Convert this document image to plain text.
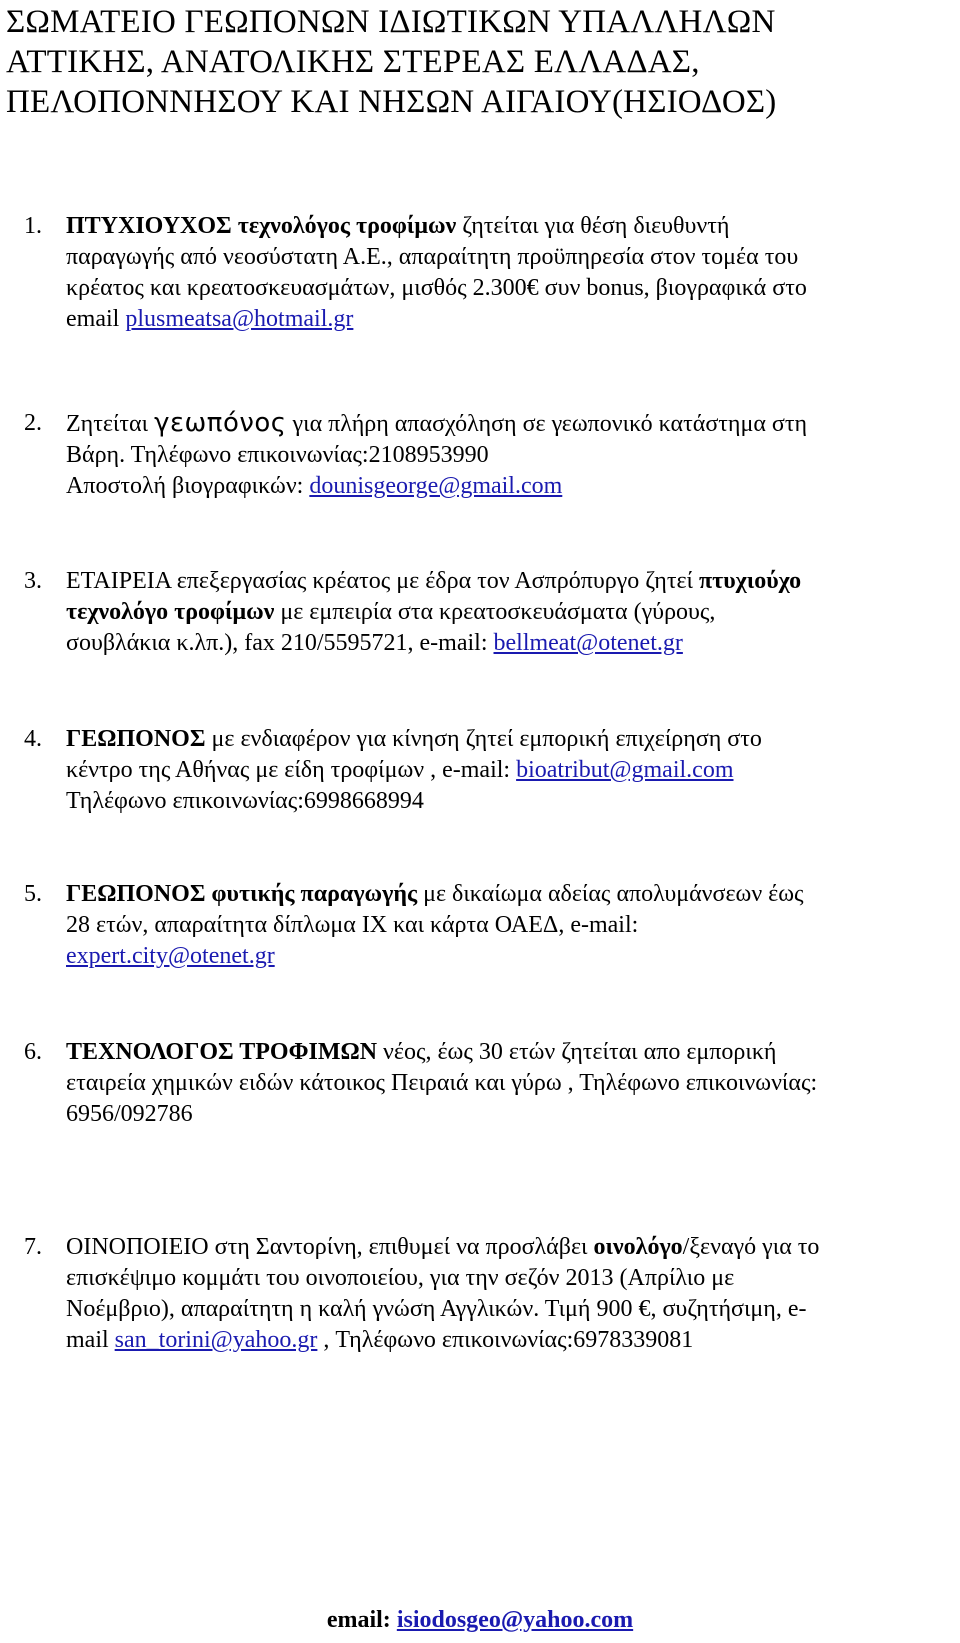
ΣΩΜΑΤΕΙΟ ΓΕΩΠΟΝΩΝ ΙΔΙΩΤΙΚΩΝ ΥΠΑΛΛΗΛΩΝ
ΑΤΤΙΚΗΣ, ΑΝΑΤΟΛΙΚΗΣ ΣΤΕΡΕΑΣ ΕΛΛΑΔΑΣ,
ΠΕΛΟΠΟΝΝΗΣΟΥ ΚΑΙ ΝΗΣΩΝ ΑΙΓΑΙΟΥ(ΗΣΙΟΔΟΣ)
1. ΠΤΥΧΙΟΥΧΟΣ τεχνολόγος τροφίμων ζητείται για θέση διευθυντή
παραγωγής από νεοσύστατη Α.Ε., απαραίτητη προϋπηρεσία στον τομέα του
κρέατος και κρεατοσκευασμάτων, μισθός 2.300€ συν bonus, βιογραφικά στο
email plusmeatsa@hotmail.gr
2. Ζητείται γεωπόνος για πλήρη απασχόληση σε γεωπονικό κατάστημα στη
Βάρη. Τηλέφωνο επικοινωνίας:2108953990
Αποστολή βιογραφικών: dounisgeorge@gmail.com
3. ΕΤΑΙΡΕΙΑ επεξεργασίας κρέατος με έδρα τον Ασπρόπυργο ζητεί πτυχιούχο
τεχνολόγο τροφίμων με εμπειρία στα κρεατοσκευάσματα (γύρους,
σουβλάκια κ.λπ.), fax 210/5595721, e-mail: bellmeat@otenet.gr
4. ΓΕΩΠΟΝΟΣ με ενδιαφέρον για κίνηση ζητεί εμπορική επιχείρηση στο
κέντρο της Αθήνας με είδη τροφίμων , e-mail: bioatribut@gmail.com
Τηλέφωνο επικοινωνίας:6998668994
5. ΓΕΩΠΟΝΟΣ φυτικής παραγωγής με δικαίωμα αδείας απολυμάνσεων έως
28 ετών, απαραίτητα δίπλωμα ΙΧ και κάρτα ΟΑΕΔ, e-mail:
expert.city@otenet.gr
6. ΤΕΧΝΟΛΟΓΟΣ ΤΡΟΦΙΜΩΝ νέος, έως 30 ετών ζητείται απο εμπορική
εταιρεία χημικών ειδών κάτοικος Πειραιά και γύρω , Τηλέφωνο επικοινωνίας:
6956/092786
7. ΟΙΝΟΠΟΙΕΙΟ στη Σαντορίνη, επιθυμεί να προσλάβει οινολόγο/ξεναγό για το
επισκέψιμο κομμάτι του οινοποιείου, για την σεζόν 2013 (Απρίλιο με
Νοέμβριο), απαραίτητη η καλή γνώση Αγγλικών. Τιμή 900 €, συζητήσιμη, e-
mail san_torini@yahoo.gr , Τηλέφωνο επικοινωνίας:6978339081
email: isiodosgeo@yahoo.com
